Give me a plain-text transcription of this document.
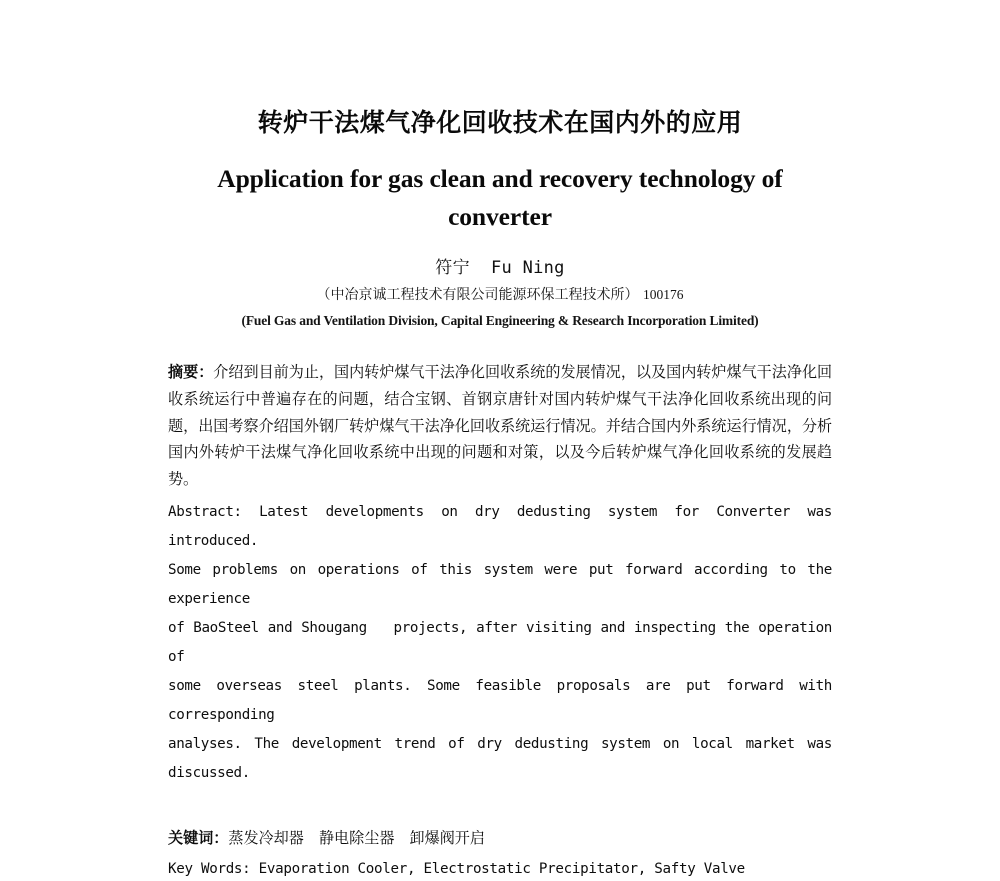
转炉干法煤气净化回收技术在国内外的应用
Application for gas clean and recovery technology of
converter
符宁 Fu Ning
（中冶京诚工程技术有限公司能源环保工程技术所） 100176
(Fuel Gas and Ventilation Division, Capital Engineering & Research Incorporation Limited)

摘要：介绍到目前为止，国内转炉煤气干法净化回收系统的发展情况，以及国内转炉煤气干法净化回收系统运行中普遍存在的问题，结合宝钢、首钢京唐针对国内转炉煤气干法净化回收系统出现的问题，出国考察介绍国外钢厂转炉煤气干法净化回收系统运行情况。并结合国内外系统运行情况，分析国内外转炉干法煤气净化回收系统中出现的问题和对策，以及今后转炉煤气净化回收系统的发展趋势。

Abstract: Latest developments on dry dedusting system for Converter was introduced.
Some problems on operations of this system were put forward according to the experience
of BaoSteel and Shougang   projects, after visiting and inspecting the operation of
some overseas steel plants. Some feasible proposals are put forward with corresponding
analyses. The development trend of dry dedusting system on local market was discussed.

关键词：蒸发冷却器　静电除尘器　卸爆阀开启
Key Words: Evaporation Cooler, Electrostatic Precipitator, Safty Valve
